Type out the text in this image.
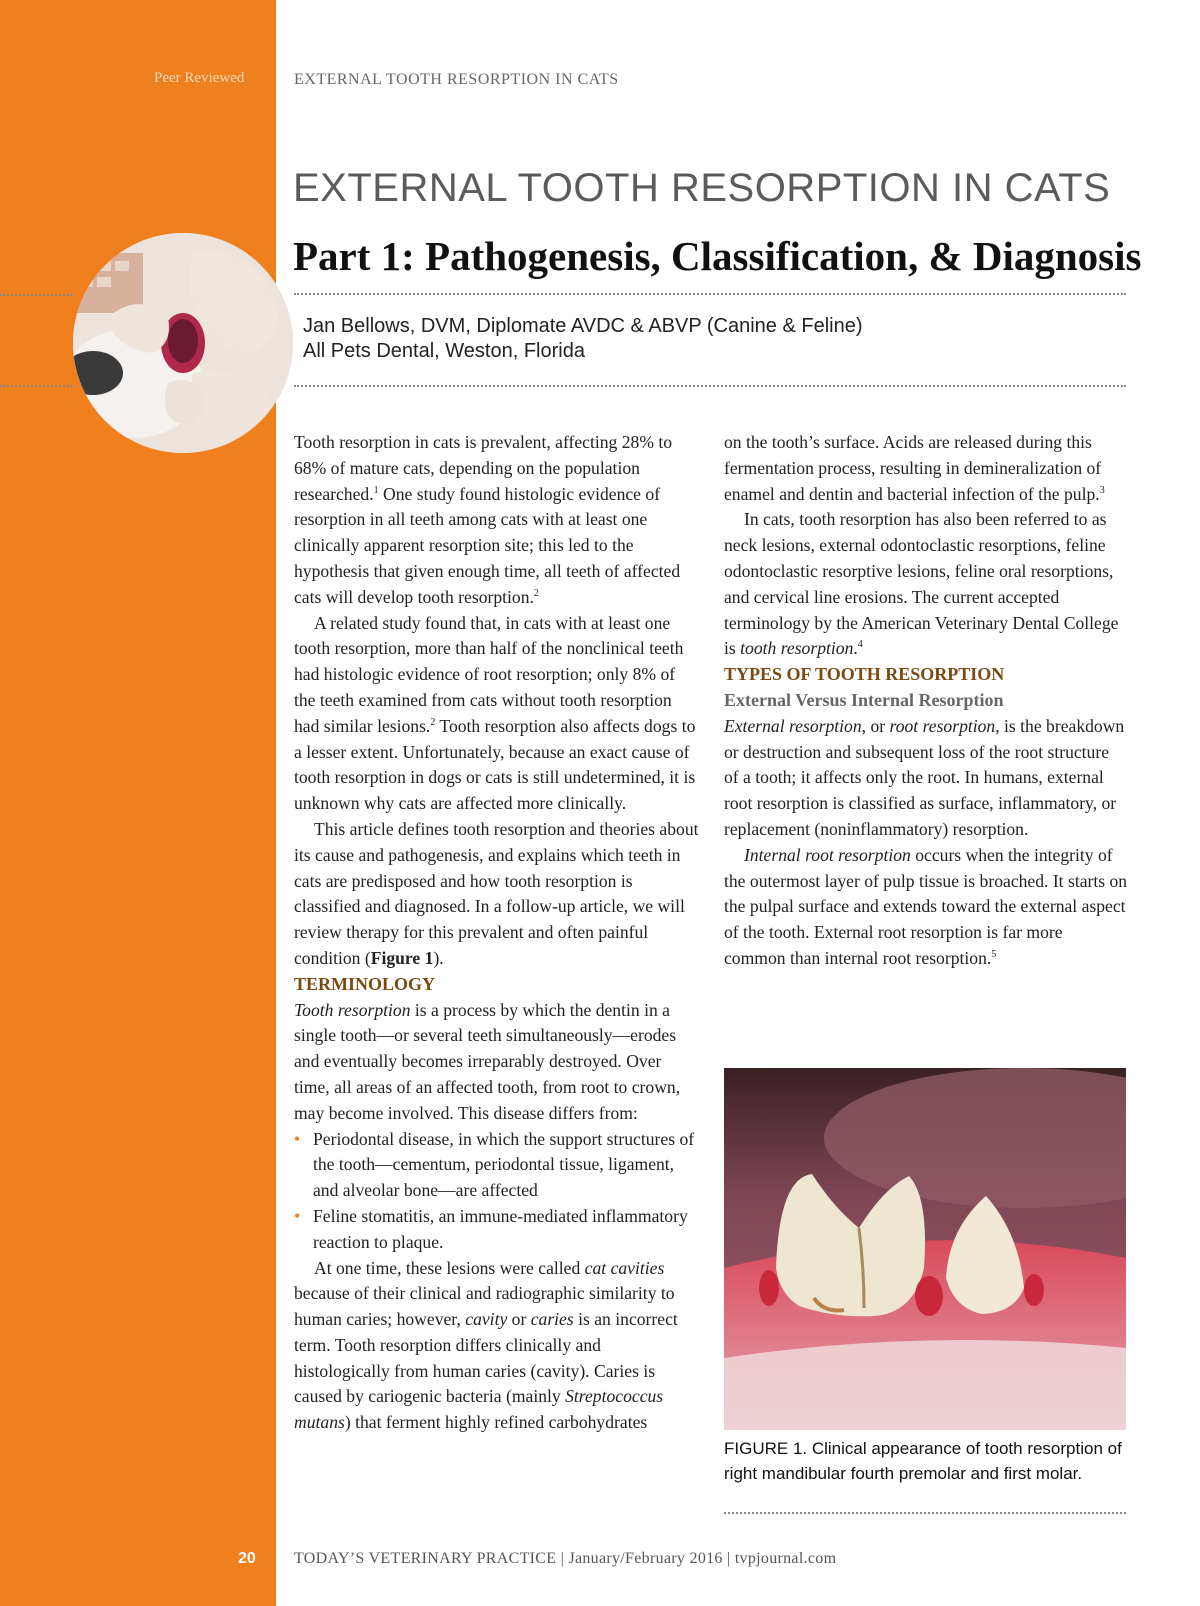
Peer Reviewed	EXTERNAL TOOTH RESORPTION IN CATS
EXTERNAL TOOTH RESORPTION IN CATS
Part 1: Pathogenesis, Classification, & Diagnosis
Jan Bellows, DVM, Diplomate AVDC & ABVP (Canine & Feline)
All Pets Dental, Weston, Florida

Tooth resorption in cats is prevalent, affecting 28% to 68% of mature cats, depending on the population researched.$^1$ One study found histologic evidence of resorption in all teeth among cats with at least one clinically apparent resorption site; this led to the hypothesis that given enough time, all teeth of affected cats will develop tooth resorption.$^2$

A related study found that, in cats with at least one tooth resorption, more than half of the nonclinical teeth had histologic evidence of root resorption; only 8% of the teeth examined from cats without tooth resorption had similar lesions.$^2$ Tooth resorption also affects dogs to a lesser extent. Unfortunately, because an exact cause of tooth resorption in dogs or cats is still undetermined, it is unknown why cats are affected more clinically.

This article defines tooth resorption and theories about its cause and pathogenesis, and explains which teeth in cats are predisposed and how tooth resorption is classified and diagnosed. In a follow-up article, we will review therapy for this prevalent and often painful condition (Figure 1).

TERMINOLOGY

Tooth resorption is a process by which the dentin in a single tooth—or several teeth simultaneously—erodes and eventually becomes irreparably destroyed. Over time, all areas of an affected tooth, from root to crown, may become involved. This disease differs from:

• Periodontal disease, in which the support structures of the tooth—cementum, periodontal tissue, ligament, and alveolar bone—are affected
• Feline stomatitis, an immune-mediated inflammatory reaction to plaque.

At one time, these lesions were called cat cavities because of their clinical and radiographic similarity to human caries; however, cavity or caries is an incorrect term. Tooth resorption differs clinically and histologically from human caries (cavity). Caries is caused by cariogenic bacteria (mainly Streptococcus mutans) that ferment highly refined carbohydrates

on the tooth’s surface. Acids are released during this fermentation process, resulting in demineralization of enamel and dentin and bacterial infection of the pulp.$^3$

In cats, tooth resorption has also been referred to as neck lesions, external odontoclastic resorptions, feline odontoclastic resorptive lesions, feline oral resorptions, and cervical line erosions. The current accepted terminology by the American Veterinary Dental College is tooth resorption.$^4$

TYPES OF TOOTH RESORPTION

External Versus Internal Resorption

External resorption, or root resorption, is the breakdown or destruction and subsequent loss of the root structure of a tooth; it affects only the root. In humans, external root resorption is classified as surface, inflammatory, or replacement (noninflammatory) resorption.

Internal root resorption occurs when the integrity of the outermost layer of pulp tissue is broached. It starts on the pulpal surface and extends toward the external aspect of the tooth. External root resorption is far more common than internal root resorption.$^5$

FIGURE 1. Clinical appearance of tooth resorption of right mandibular fourth premolar and first molar.
20 TODAY’S VETERINARY PRACTICE | January/February 2016 | tvpjournal.com
